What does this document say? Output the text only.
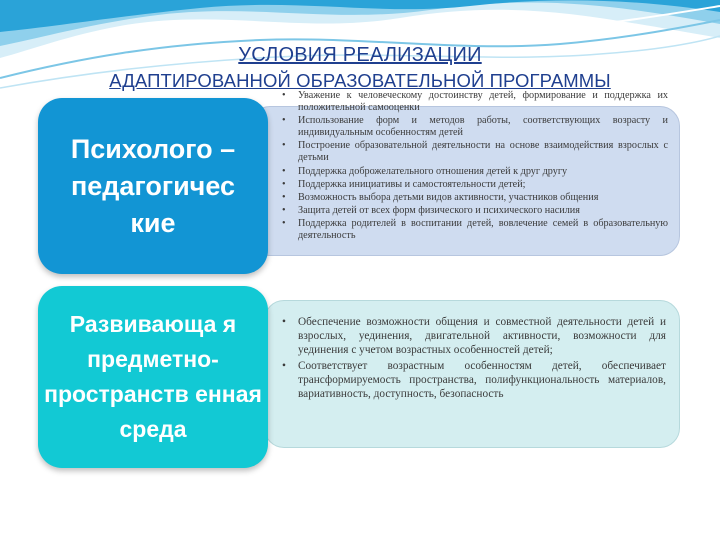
УСЛОВИЯ РЕАЛИЗАЦИИ
АДАПТИРОВАННОЙ ОБРАЗОВАТЕЛЬНОЙ ПРОГРАММЫ
• Уважение к человеческому достоинству детей, формирование и поддержка их положительной самооценки
• Использование форм и методов работы, соответствующих возрасту и индивидуальным особенностям детей
• Построение образовательной деятельности на основе взаимодействия взрослых с детьми
• Поддержка доброжелательного отношения детей к друг другу
• Поддержка инициативы и самостоятельности детей;
• Возможность выбора детьми видов активности, участников общения
• Защита детей от всех форм физического и психического насилия
• Поддержка родителей в воспитании детей, вовлечение семей в образовательную деятельность
Психолого – педагогичес кие
• Обеспечение возможности общения и совместной деятельности детей и взрослых, уединения, двигательной активности, возможности для уединения с учетом возрастных особенностей детей;
• Соответствует возрастным особенностям детей, обеспечивает трансформируемость пространства, полифункциональность материалов, вариативность, доступность, безопасность
Развивающа я предметно-пространств енная среда
